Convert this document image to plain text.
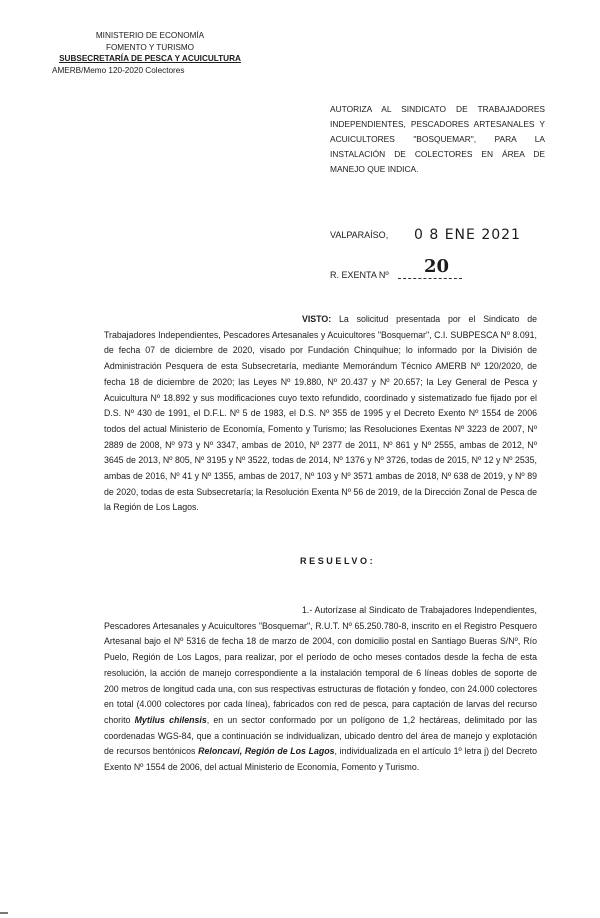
MINISTERIO DE ECONOMÍA
FOMENTO Y TURISMO
SUBSECRETARÍA DE PESCA Y ACUICULTURA
AMERB/Memo 120-2020 Colectores
AUTORIZA AL SINDICATO DE TRABAJADORES INDEPENDIENTES, PESCADORES ARTESANALES Y ACUICULTORES "BOSQUEMAR", PARA LA INSTALACIÓN DE COLECTORES EN ÁREA DE MANEJO QUE INDICA.
VALPARAÍSO, 0 8 ENE 2021
R. EXENTA Nº 20
VISTO: La solicitud presentada por el Sindicato de Trabajadores Independientes, Pescadores Artesanales y Acuicultores "Bosquemar", C.I. SUBPESCA Nº 8.091, de fecha 07 de diciembre de 2020, visado por Fundación Chinquihue; lo informado por la División de Administración Pesquera de esta Subsecretaría, mediante Memorándum Técnico AMERB Nº 120/2020, de fecha 18 de diciembre de 2020; las Leyes Nº 19.880, Nº 20.437 y Nº 20.657; la Ley General de Pesca y Acuicultura Nº 18.892 y sus modificaciones cuyo texto refundido, coordinado y sistematizado fue fijado por el D.S. Nº 430 de 1991, el D.F.L. Nº 5 de 1983, el D.S. Nº 355 de 1995 y el Decreto Exento Nº 1554 de 2006 todos del actual Ministerio de Economía, Fomento y Turismo; las Resoluciones Exentas Nº 3223 de 2007, Nº 2889 de 2008, Nº 973 y Nº 3347, ambas de 2010, Nº 2377 de 2011, Nº 861 y Nº 2555, ambas de 2012, Nº 3645 de 2013, Nº 805, Nº 3195 y Nº 3522, todas de 2014, Nº 1376 y Nº 3726, todas de 2015, Nº 12 y Nº 2535, ambas de 2016, Nº 41 y Nº 1355, ambas de 2017, Nº 103 y Nº 3571 ambas de 2018, Nº 638 de 2019, y Nº 89 de 2020, todas de esta Subsecretaría; la Resolución Exenta Nº 56 de 2019, de la Dirección Zonal de Pesca de la Región de Los Lagos.
RESUELVO:
1.- Autorízase al Sindicato de Trabajadores Independientes, Pescadores Artesanales y Acuicultores "Bosquemar", R.U.T. Nº 65.250.780-8, inscrito en el Registro Pesquero Artesanal bajo el Nº 5316 de fecha 18 de marzo de 2004, con domicilio postal en Santiago Bueras S/Nº, Río Puelo, Región de Los Lagos, para realizar, por el período de ocho meses contados desde la fecha de esta resolución, la acción de manejo correspondiente a la instalación temporal de 6 líneas dobles de soporte de 200 metros de longitud cada una, con sus respectivas estructuras de flotación y fondeo, con 24.000 colectores en total (4.000 colectores por cada línea), fabricados con red de pesca, para captación de larvas del recurso chorito Mytilus chilensis, en un sector conformado por un polígono de 1,2 hectáreas, delimitado por las coordenadas WGS-84, que a continuación se individualizan, ubicado dentro del área de manejo y explotación de recursos bentónicos Reloncaví, Región de Los Lagos, individualizada en el artículo 1º letra j) del Decreto Exento Nº 1554 de 2006, del actual Ministerio de Economía, Fomento y Turismo.
